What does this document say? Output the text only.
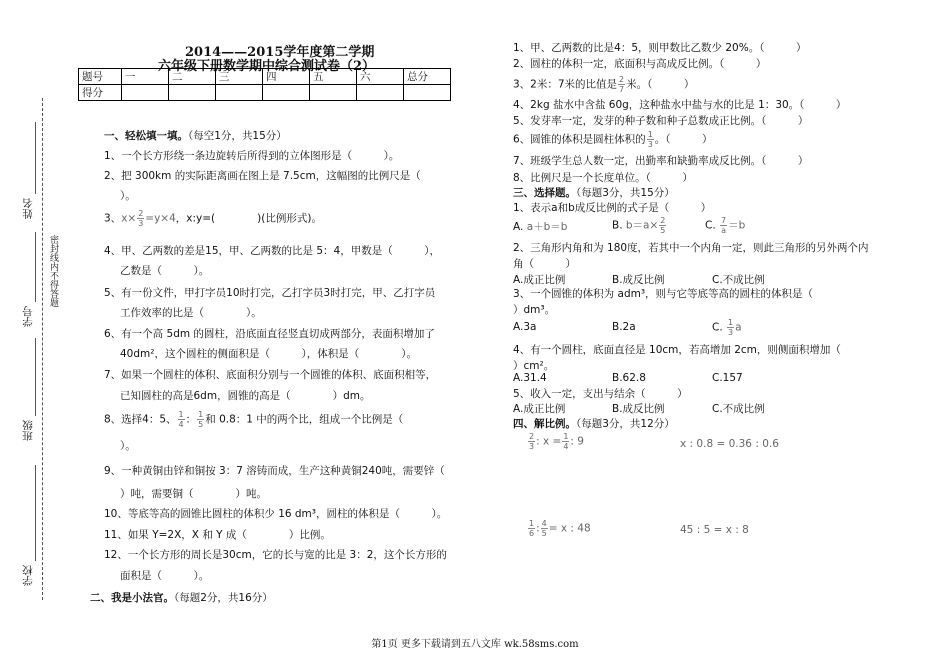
姓名
学号
班级
学校
密封线内不得答题
2014——2015学年度第二学期
六年级下册数学期中综合测试卷（2）
题号	一	二	三	四	五	六	总分
得分							
一、轻松填一填。（每空1分，共15分）
1、一个长方形绕一条边旋转后所得到的立体图形是（　　　）。
2、把 300km 的实际距离画在图上是 7.5cm，这幅图的比例尺是（
）。
3、$x\times \frac{2}{3} =y\times 4$，x:y=(　　　　)(比例形式)。
4、甲、乙两数的差是15，甲、乙两数的比是 5：4，甲数是（　　　），
乙数是（　　　）。
5、有一份文件，甲打字员10时打完，乙打字员3时打完，甲、乙打字员
工作效率的比是（　　　　）。
6、有一个高 5dm 的圆柱，沿底面直径竖直切成两部分，表面积增加了
40dm²，这个圆柱的侧面积是（　　　），体积是（　　　　）。
7、如果一个圆柱的体积、底面积分别与一个圆锥的体积、底面积相等，
已知圆柱的高是6dm，圆锥的高是（　　　　）dm。
8、选择4：5、 $\frac{1}{4}$ ： $\frac{1}{5}$ 和 0.8：1 中的两个比，组成一个比例是（
）。
9、一种黄铜由锌和铜按 3：7 溶铸而成，生产这种黄铜240吨，需要锌（
）吨，需要铜（　　　　）吨。
10、等底等高的圆锥比圆柱的体积少 16 dm³，圆柱的体积是（　　　）。
11、如果 Y=2X，X 和 Y 成（　　　　）比例。
12、一个长方形的周长是30cm，它的长与宽的比是 3：2，这个长方形的
面积是（　　　）。
二、我是小法官。（每题2分，共16分）
1、甲、乙两数的比是4：5，则甲数比乙数少 20%。（　　　）
2、圆柱的体积一定，底面积与高成反比例。（　　　）
3、2米：7米的比值是 $\frac{2}{7}$ 米。（　　　）
4、2kg 盐水中含盐 60g，这种盐水中盐与水的比是 1：30。（　　　）
5、发芽率一定，发芽的种子数和种子总数成正比例。（　　　）
6、圆锥的体积是圆柱体积的 $\frac{1}{3}$ 。（　　　）
7、班级学生总人数一定，出勤率和缺勤率成反比例。（　　　）
8、比例尺是一个长度单位。（　　　）
三、选择题。（每题3分，共15分）
1、表示a和b成反比例的式子是（　　　）
A. a＋b＝b	B. $b=a\times \frac{2}{5}$	C. $\frac{7}{a} =b$
2、三角形内角和为 180度，若其中一个内角一定，则此三角形的另外两个内
角（　　　）
A.成正比例	B.成反比例	C.不成比例
3、一个圆锥的体积为 adm³，则与它等底等高的圆柱的体积是（
）dm³。
A.3a	B.2a	C. $\frac{1}{3}$ a
4、有一个圆柱，底面直径是 10cm，若高增加 2cm，则侧面积增加（
）cm²。
A.31.4	B.62.8	C.157
5、收入一定，支出与结余（　　　）
A.成正比例	B.成反比例	C.不成比例
四、解比例。（每题3分，共12分）
$\frac{2}{3}$ : $x = \frac{1}{4}$ : 9	x : 0.8 = 0.36 : 0.6
$\frac{1}{6}$ : $\frac{4}{5} = x$ : 48	45 : 5 = x : 8
第1页 更多下载请到五八文库 wk.58sms.com
